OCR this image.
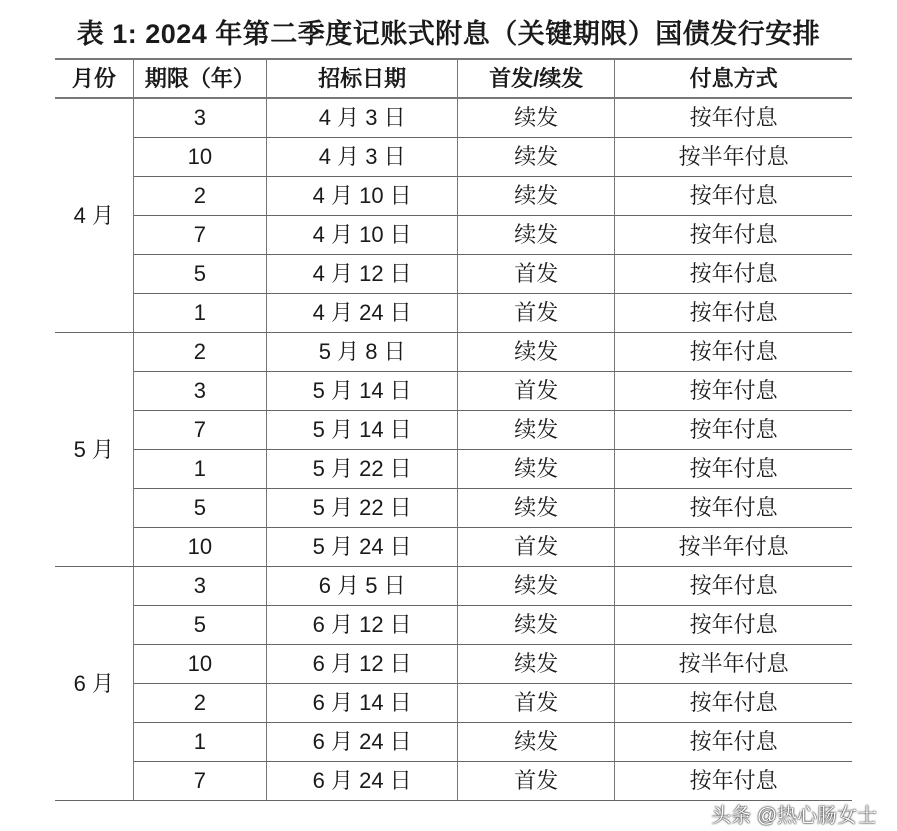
表 1: 2024 年第二季度记账式附息（关键期限）国债发行安排
月份	期限（年）	招标日期	首发/续发	付息方式
4 月	3	4 月 3 日	续发	按年付息
	10	4 月 3 日	续发	按半年付息
	2	4 月 10 日	续发	按年付息
	7	4 月 10 日	续发	按年付息
	5	4 月 12 日	首发	按年付息
	1	4 月 24 日	首发	按年付息
5 月	2	5 月 8 日	续发	按年付息
	3	5 月 14 日	首发	按年付息
	7	5 月 14 日	续发	按年付息
	1	5 月 22 日	续发	按年付息
	5	5 月 22 日	续发	按年付息
	10	5 月 24 日	首发	按半年付息
6 月	3	6 月 5 日	续发	按年付息
	5	6 月 12 日	续发	按年付息
	10	6 月 12 日	续发	按半年付息
	2	6 月 14 日	首发	按年付息
	1	6 月 24 日	续发	按年付息
	7	6 月 24 日	首发	按年付息
头条 @热心肠女士
